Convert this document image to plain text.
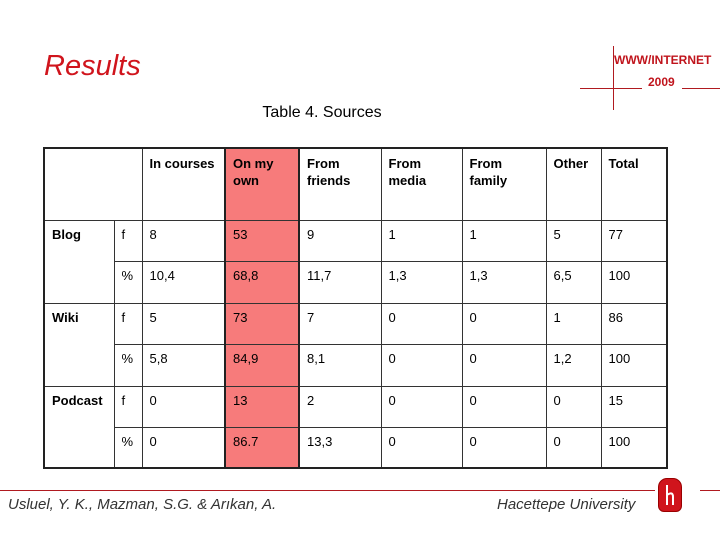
Results	WWW/INTERNET
2009
Table 4. Sources
		In courses	On my own	From friends	From media	From family	Other	Total
Blog	f	8	53	9	1	1	5	77
	%	10,4	68,8	11,7	1,3	1,3	6,5	100
Wiki	f	5	73	7	0	0	1	86
	%	5,8	84,9	8,1	0	0	1,2	100
Podcast	f	0	13	2	0	0	0	15
	%	0	86.7	13,3	0	0	0	100
Usluel, Y. K., Mazman, S.G. & Arıkan, A.	Hacettepe University
